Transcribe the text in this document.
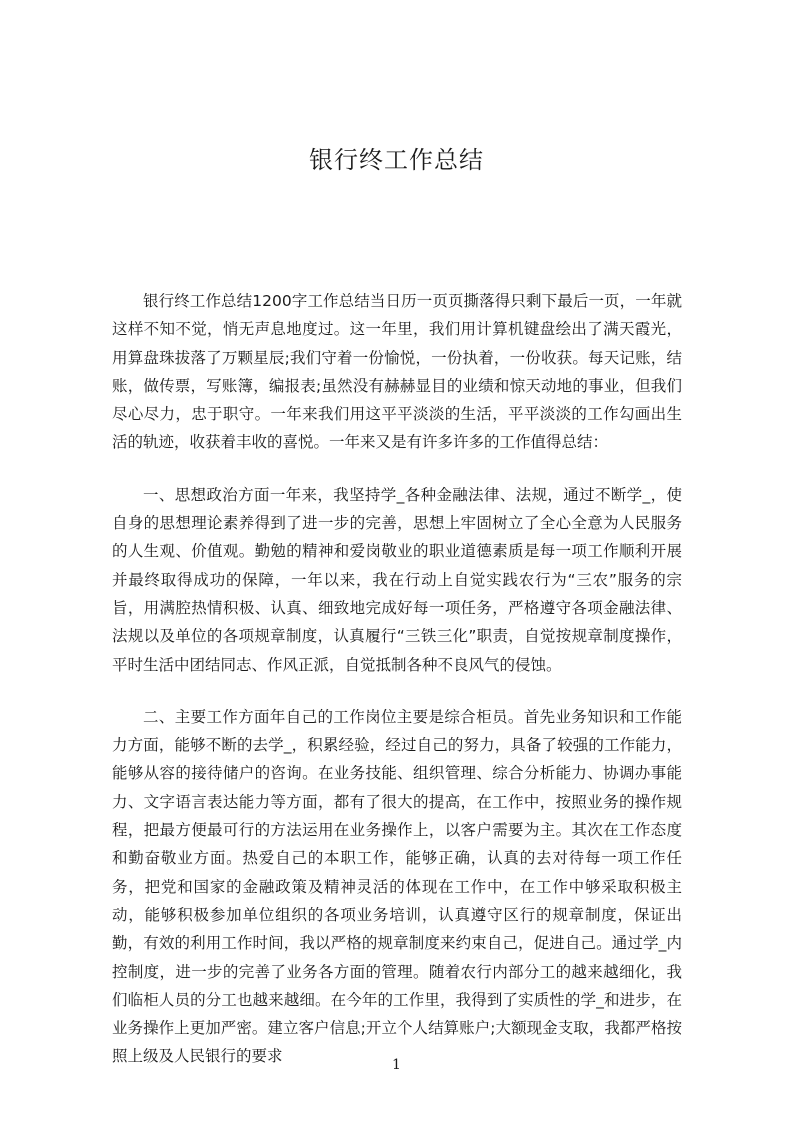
银行终工作总结

银行终工作总结1200字工作总结当日历一页页撕落得只剩下最后一页，一年就这样不知不觉，悄无声息地度过。这一年里，我们用计算机键盘绘出了满天霞光，用算盘珠拔落了万颗星辰;我们守着一份愉悦，一份执着，一份收获。每天记账，结账，做传票，写账簿，编报表;虽然没有赫赫显目的业绩和惊天动地的事业，但我们尽心尽力，忠于职守。一年来我们用这平平淡淡的生活，平平淡淡的工作勾画出生活的轨迹，收获着丰收的喜悦。一年来又是有许多许多的工作值得总结：

一、思想政治方面一年来，我坚持学_各种金融法律、法规，通过不断学_，使自身的思想理论素养得到了进一步的完善，思想上牢固树立了全心全意为人民服务的人生观、价值观。勤勉的精神和爱岗敬业的职业道德素质是每一项工作顺利开展并最终取得成功的保障，一年以来，我在行动上自觉实践农行为“三农”服务的宗旨，用满腔热情积极、认真、细致地完成好每一项任务，严格遵守各项金融法律、法规以及单位的各项规章制度，认真履行“三铁三化”职责，自觉按规章制度操作，平时生活中团结同志、作风正派，自觉抵制各种不良风气的侵蚀。

二、主要工作方面年自己的工作岗位主要是综合柜员。首先业务知识和工作能力方面，能够不断的去学_，积累经验，经过自己的努力，具备了较强的工作能力，能够从容的接待储户的咨询。在业务技能、组织管理、综合分析能力、协调办事能力、文字语言表达能力等方面，都有了很大的提高，在工作中，按照业务的操作规程，把最方便最可行的方法运用在业务操作上，以客户需要为主。其次在工作态度和勤奋敬业方面。热爱自己的本职工作，能够正确，认真的去对待每一项工作任务，把党和国家的金融政策及精神灵活的体现在工作中，在工作中够采取积极主动，能够积极参加单位组织的各项业务培训，认真遵守区行的规章制度，保证出勤，有效的利用工作时间，我以严格的规章制度来约束自己，促进自己。通过学_内控制度，进一步的完善了业务各方面的管理。随着农行内部分工的越来越细化，我们临柜人员的分工也越来越细。在今年的工作里，我得到了实质性的学_和进步，在业务操作上更加严密。建立客户信息;开立个人结算账户;大额现金支取，我都严格按照上级及人民银行的要求	1
